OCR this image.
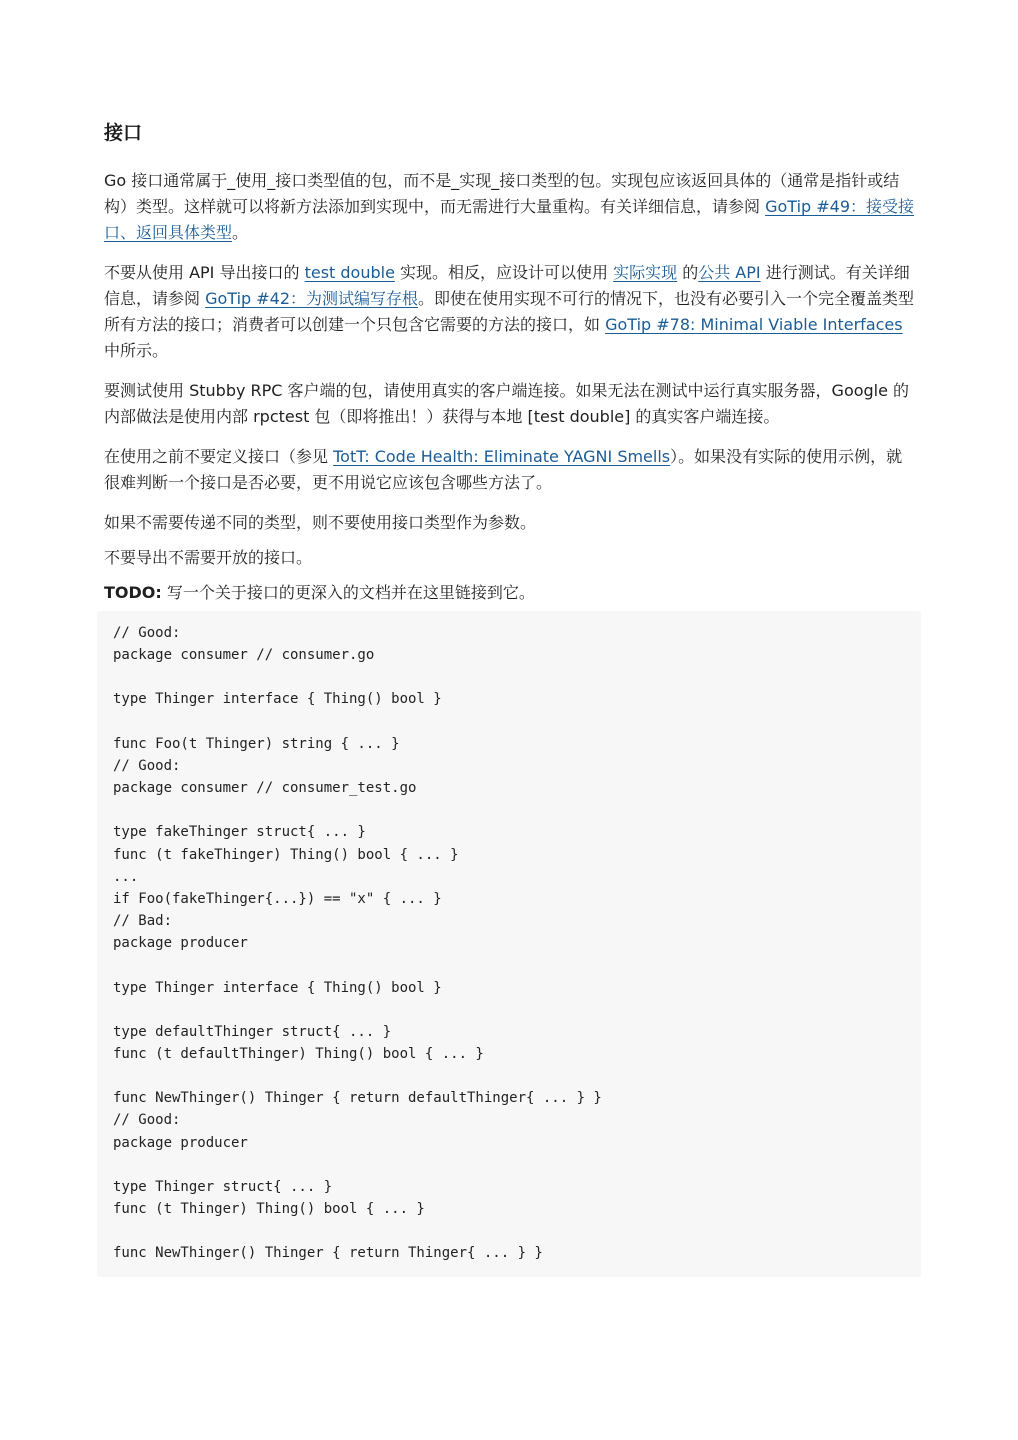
接口

Go 接口通常属于_使用_接口类型值的包，而不是_实现_接口类型的包。实现包应该返回具体的（通常是指针或结构）类型。这样就可以将新方法添加到实现中，而无需进行大量重构。有关详细信息，请参阅 GoTip #49：接受接口、返回具体类型。

不要从使用 API 导出接口的 test double 实现。相反，应设计可以使用 实际实现 的公共 API 进行测试。有关详细信息，请参阅 GoTip #42：为测试编写存根。即使在使用实现不可行的情况下，也没有必要引入一个完全覆盖类型所有方法的接口；消费者可以创建一个只包含它需要的方法的接口，如 GoTip #78: Minimal Viable Interfaces 中所示。

要测试使用 Stubby RPC 客户端的包，请使用真实的客户端连接。如果无法在测试中运行真实服务器，Google 的内部做法是使用内部 rpctest 包（即将推出！）获得与本地 [test double] 的真实客户端连接。

在使用之前不要定义接口（参见 TotT: Code Health: Eliminate YAGNI Smells）。如果没有实际的使用示例，就很难判断一个接口是否必要，更不用说它应该包含哪些方法了。

如果不需要传递不同的类型，则不要使用接口类型作为参数。

不要导出不需要开放的接口。

TODO: 写一个关于接口的更深入的文档并在这里链接到它。

// Good:
package consumer // consumer.go

type Thinger interface { Thing() bool }

func Foo(t Thinger) string { ... }
// Good:
package consumer // consumer_test.go

type fakeThinger struct{ ... }
func (t fakeThinger) Thing() bool { ... }
...
if Foo(fakeThinger{...}) == "x" { ... }
// Bad:
package producer

type Thinger interface { Thing() bool }

type defaultThinger struct{ ... }
func (t defaultThinger) Thing() bool { ... }

func NewThinger() Thinger { return defaultThinger{ ... } }
// Good:
package producer

type Thinger struct{ ... }
func (t Thinger) Thing() bool { ... }

func NewThinger() Thinger { return Thinger{ ... } }
